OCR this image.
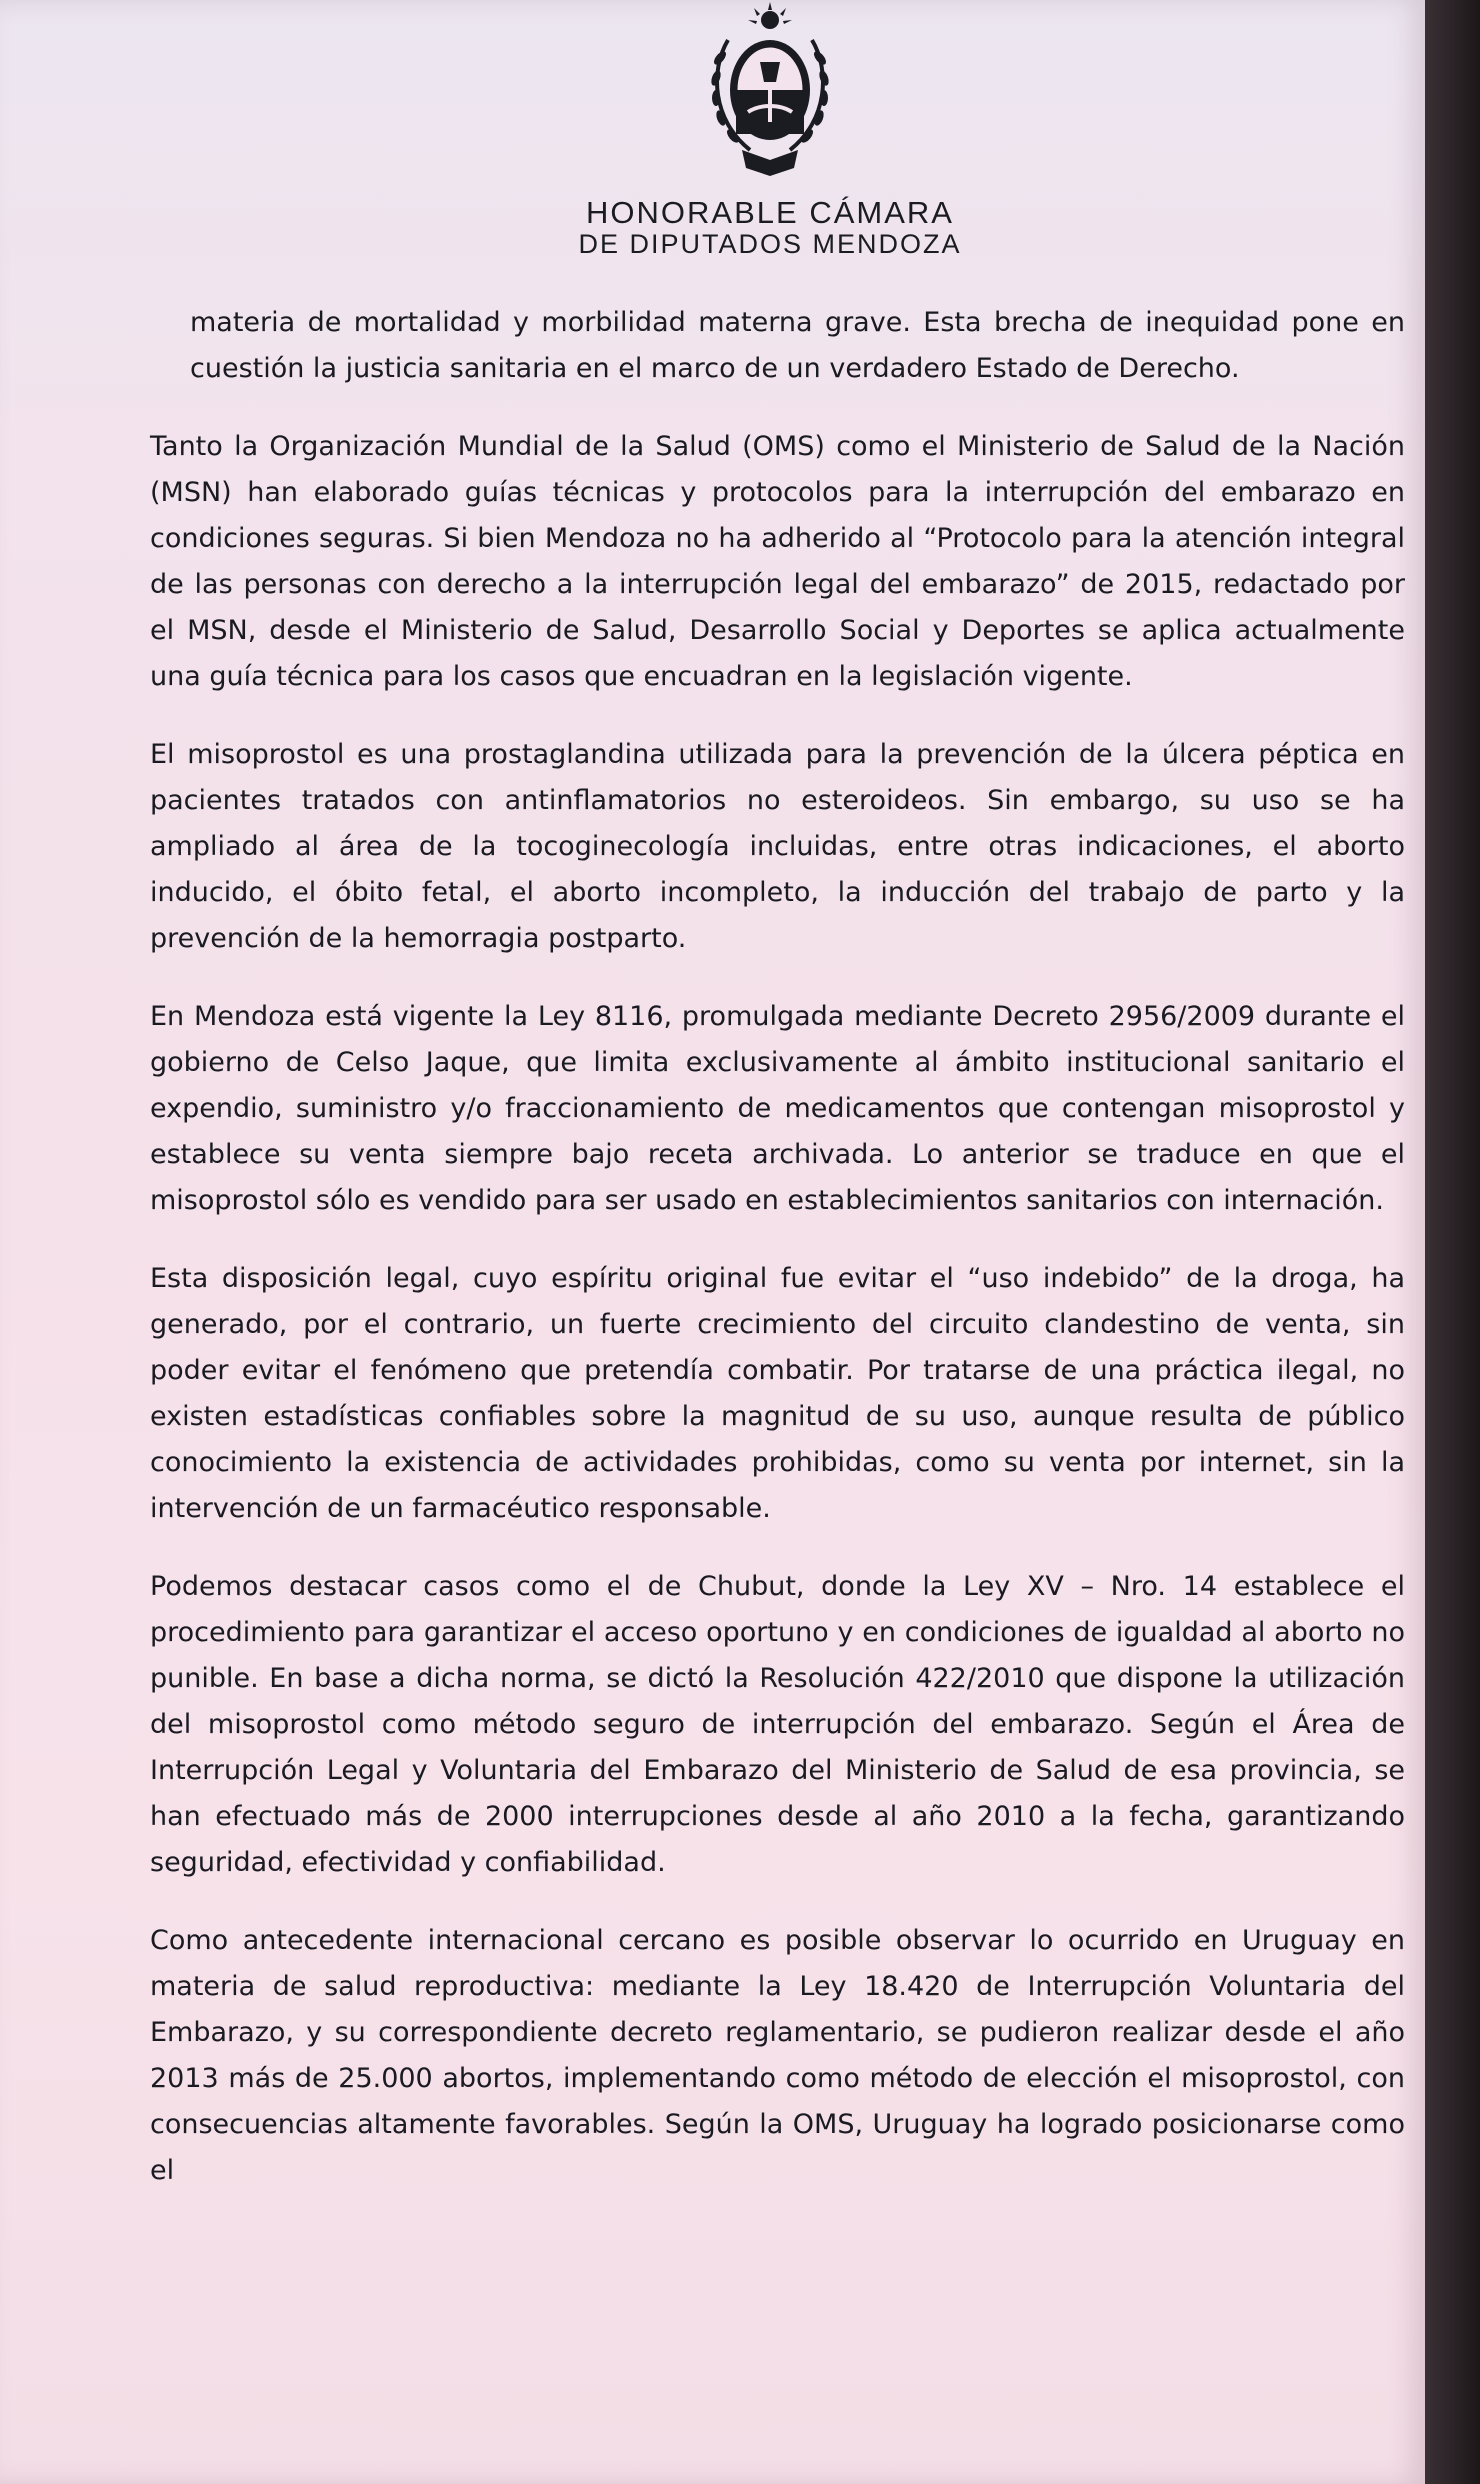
HONORABLE CÁMARA
DE DIPUTADOS MENDOZA

materia de mortalidad y morbilidad materna grave. Esta brecha de inequidad pone en cuestión la justicia sanitaria en el marco de un verdadero Estado de Derecho.

Tanto la Organización Mundial de la Salud (OMS) como el Ministerio de Salud de la Nación (MSN) han elaborado guías técnicas y protocolos para la interrupción del embarazo en condiciones seguras. Si bien Mendoza no ha adherido al “Protocolo para la atención integral de las personas con derecho a la interrupción legal del embarazo” de 2015, redactado por el MSN, desde el Ministerio de Salud, Desarrollo Social y Deportes se aplica actualmente una guía técnica para los casos que encuadran en la legislación vigente.

El misoprostol es una prostaglandina utilizada para la prevención de la úlcera péptica en pacientes tratados con antinflamatorios no esteroideos. Sin embargo, su uso se ha ampliado al área de la tocoginecología incluidas, entre otras indicaciones, el aborto inducido, el óbito fetal, el aborto incompleto, la inducción del trabajo de parto y la prevención de la hemorragia postparto.

En Mendoza está vigente la Ley 8116, promulgada mediante Decreto 2956/2009 durante el gobierno de Celso Jaque, que limita exclusivamente al ámbito institucional sanitario el expendio, suministro y/o fraccionamiento de medicamentos que contengan misoprostol y establece su venta siempre bajo receta archivada. Lo anterior se traduce en que el misoprostol sólo es vendido para ser usado en establecimientos sanitarios con internación.

Esta disposición legal, cuyo espíritu original fue evitar el “uso indebido” de la droga, ha generado, por el contrario, un fuerte crecimiento del circuito clandestino de venta, sin poder evitar el fenómeno que pretendía combatir. Por tratarse de una práctica ilegal, no existen estadísticas confiables sobre la magnitud de su uso, aunque resulta de público conocimiento la existencia de actividades prohibidas, como su venta por internet, sin la intervención de un farmacéutico responsable.

Podemos destacar casos como el de Chubut, donde la Ley XV – Nro. 14 establece el procedimiento para garantizar el acceso oportuno y en condiciones de igualdad al aborto no punible. En base a dicha norma, se dictó la Resolución 422/2010 que dispone la utilización del misoprostol como método seguro de interrupción del embarazo. Según el Área de Interrupción Legal y Voluntaria del Embarazo del Ministerio de Salud de esa provincia, se han efectuado más de 2000 interrupciones desde al año 2010 a la fecha, garantizando seguridad, efectividad y confiabilidad.

Como antecedente internacional cercano es posible observar lo ocurrido en Uruguay en materia de salud reproductiva: mediante la Ley 18.420 de Interrupción Voluntaria del Embarazo, y su correspondiente decreto reglamentario, se pudieron realizar desde el año 2013 más de 25.000 abortos, implementando como método de elección el misoprostol, con consecuencias altamente favorables. Según la OMS, Uruguay ha logrado posicionarse como el
